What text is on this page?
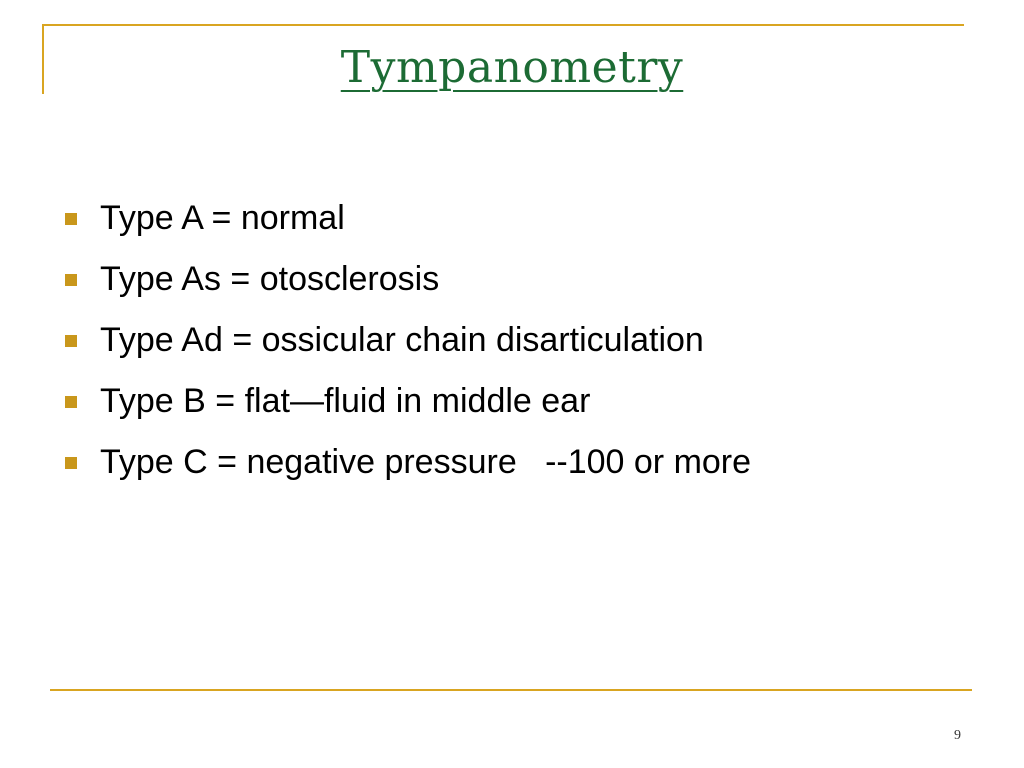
Tympanometry
Type A = normal
Type As = otosclerosis
Type Ad = ossicular chain disarticulation
Type B = flat—fluid in middle ear
Type C = negative pressure   --100 or more
9
